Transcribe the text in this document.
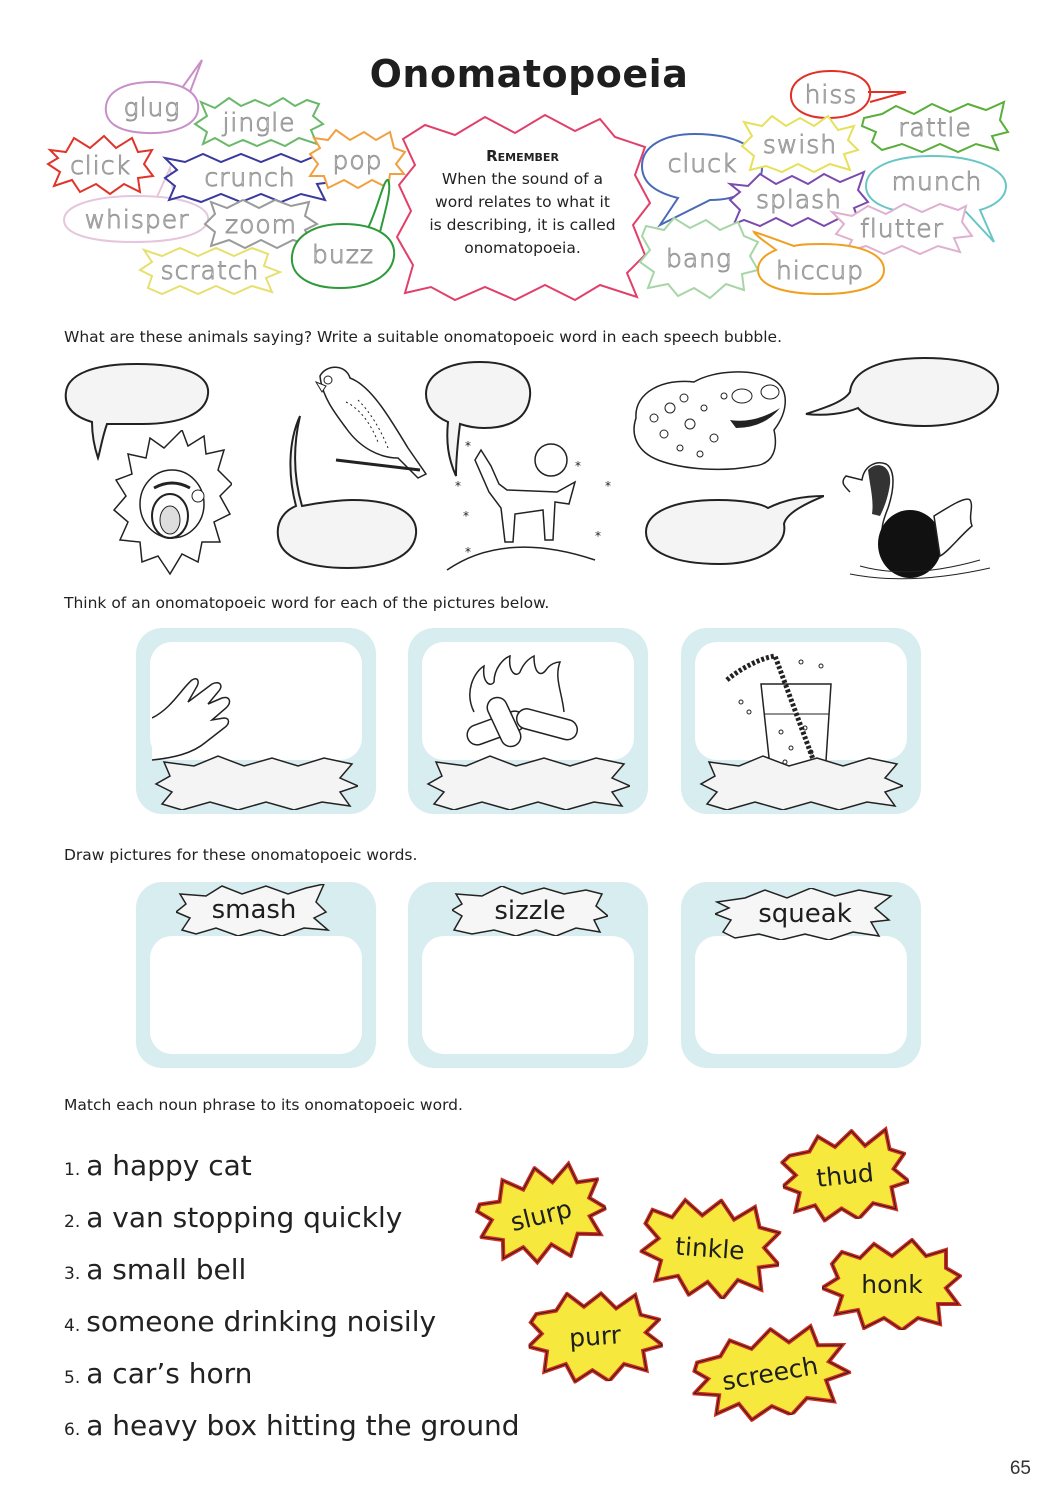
Onomatopoeia
glug
jingle
click
whisper
crunch
zoom
pop
buzz
scratch
Remember
When the sound of a
word relates to what it
is describing, it is called
onomatopoeia.
hiss
cluck
swish
rattle
splash
munch
flutter
bang hiccup
What are these animals saying? Write a suitable onomatopoeic word in each speech bubble.
*
*
*
*
*
*
*
Think of an onomatopoeic word for each of the pictures below.
Draw pictures for these onomatopoeic words.
smash	sizzle	squeak
Match each noun phrase to its onomatopoeic word.
1. a happy cat
2. a van stopping quickly
3. a small bell
4. someone drinking noisily
5. a car’s horn
6. a heavy box hitting the ground
slurp
thud
tinkle
honk
purr
screech
65
